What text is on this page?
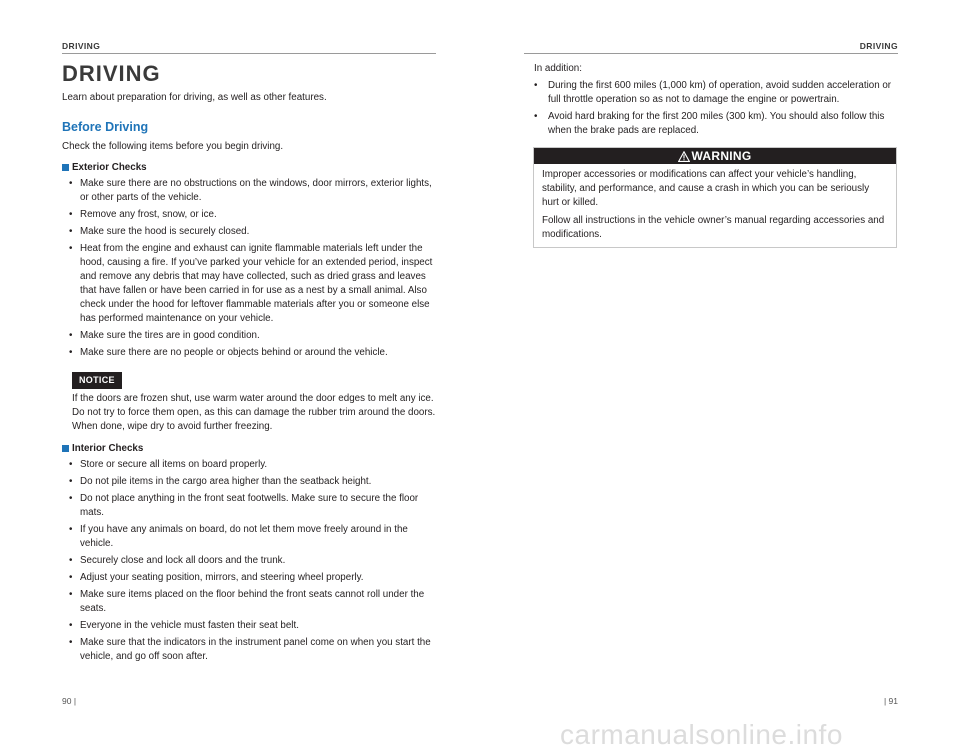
DRIVING
DRIVING

Learn about preparation for driving, as well as other features.

Before Driving

Check the following items before you begin driving.

Exterior Checks
• Make sure there are no obstructions on the windows, door mirrors, exterior lights, or other parts of the vehicle.
• Remove any frost, snow, or ice.
• Make sure the hood is securely closed.
• Heat from the engine and exhaust can ignite flammable materials left under the hood, causing a fire. If you’ve parked your vehicle for an extended period, inspect and remove any debris that may have collected, such as dried grass and leaves that have fallen or have been carried in for use as a nest by a small animal. Also check under the hood for leftover flammable materials after you or someone else has performed maintenance on your vehicle.
• Make sure the tires are in good condition.
• Make sure there are no people or objects behind or around the vehicle.
NOTICE

If the doors are frozen shut, use warm water around the door edges to melt any ice. Do not try to force them open, as this can damage the rubber trim around the doors. When done, wipe dry to avoid further freezing.

Interior Checks
• Store or secure all items on board properly.
• Do not pile items in the cargo area higher than the seatback height.
• Do not place anything in the front seat footwells. Make sure to secure the floor mats.
• If you have any animals on board, do not let them move freely around in the vehicle.
• Securely close and lock all doors and the trunk.
• Adjust your seating position, mirrors, and steering wheel properly.
• Make sure items placed on the floor behind the front seats cannot roll under the seats.
• Everyone in the vehicle must fasten their seat belt.
• Make sure that the indicators in the instrument panel come on when you start the vehicle, and go off soon after.
90 |
DRIVING

In addition:

• During the first 600 miles (1,000 km) of operation, avoid sudden acceleration or full throttle operation so as not to damage the engine or powertrain.
• Avoid hard braking for the first 200 miles (300 km). You should also follow this when the brake pads are replaced.
WARNING

Improper accessories or modifications can affect your vehicle’s handling, stability, and performance, and cause a crash in which you can be seriously hurt or killed.

Follow all instructions in the vehicle owner’s manual regarding accessories and modifications.

| 91
carmanualsonline.info
